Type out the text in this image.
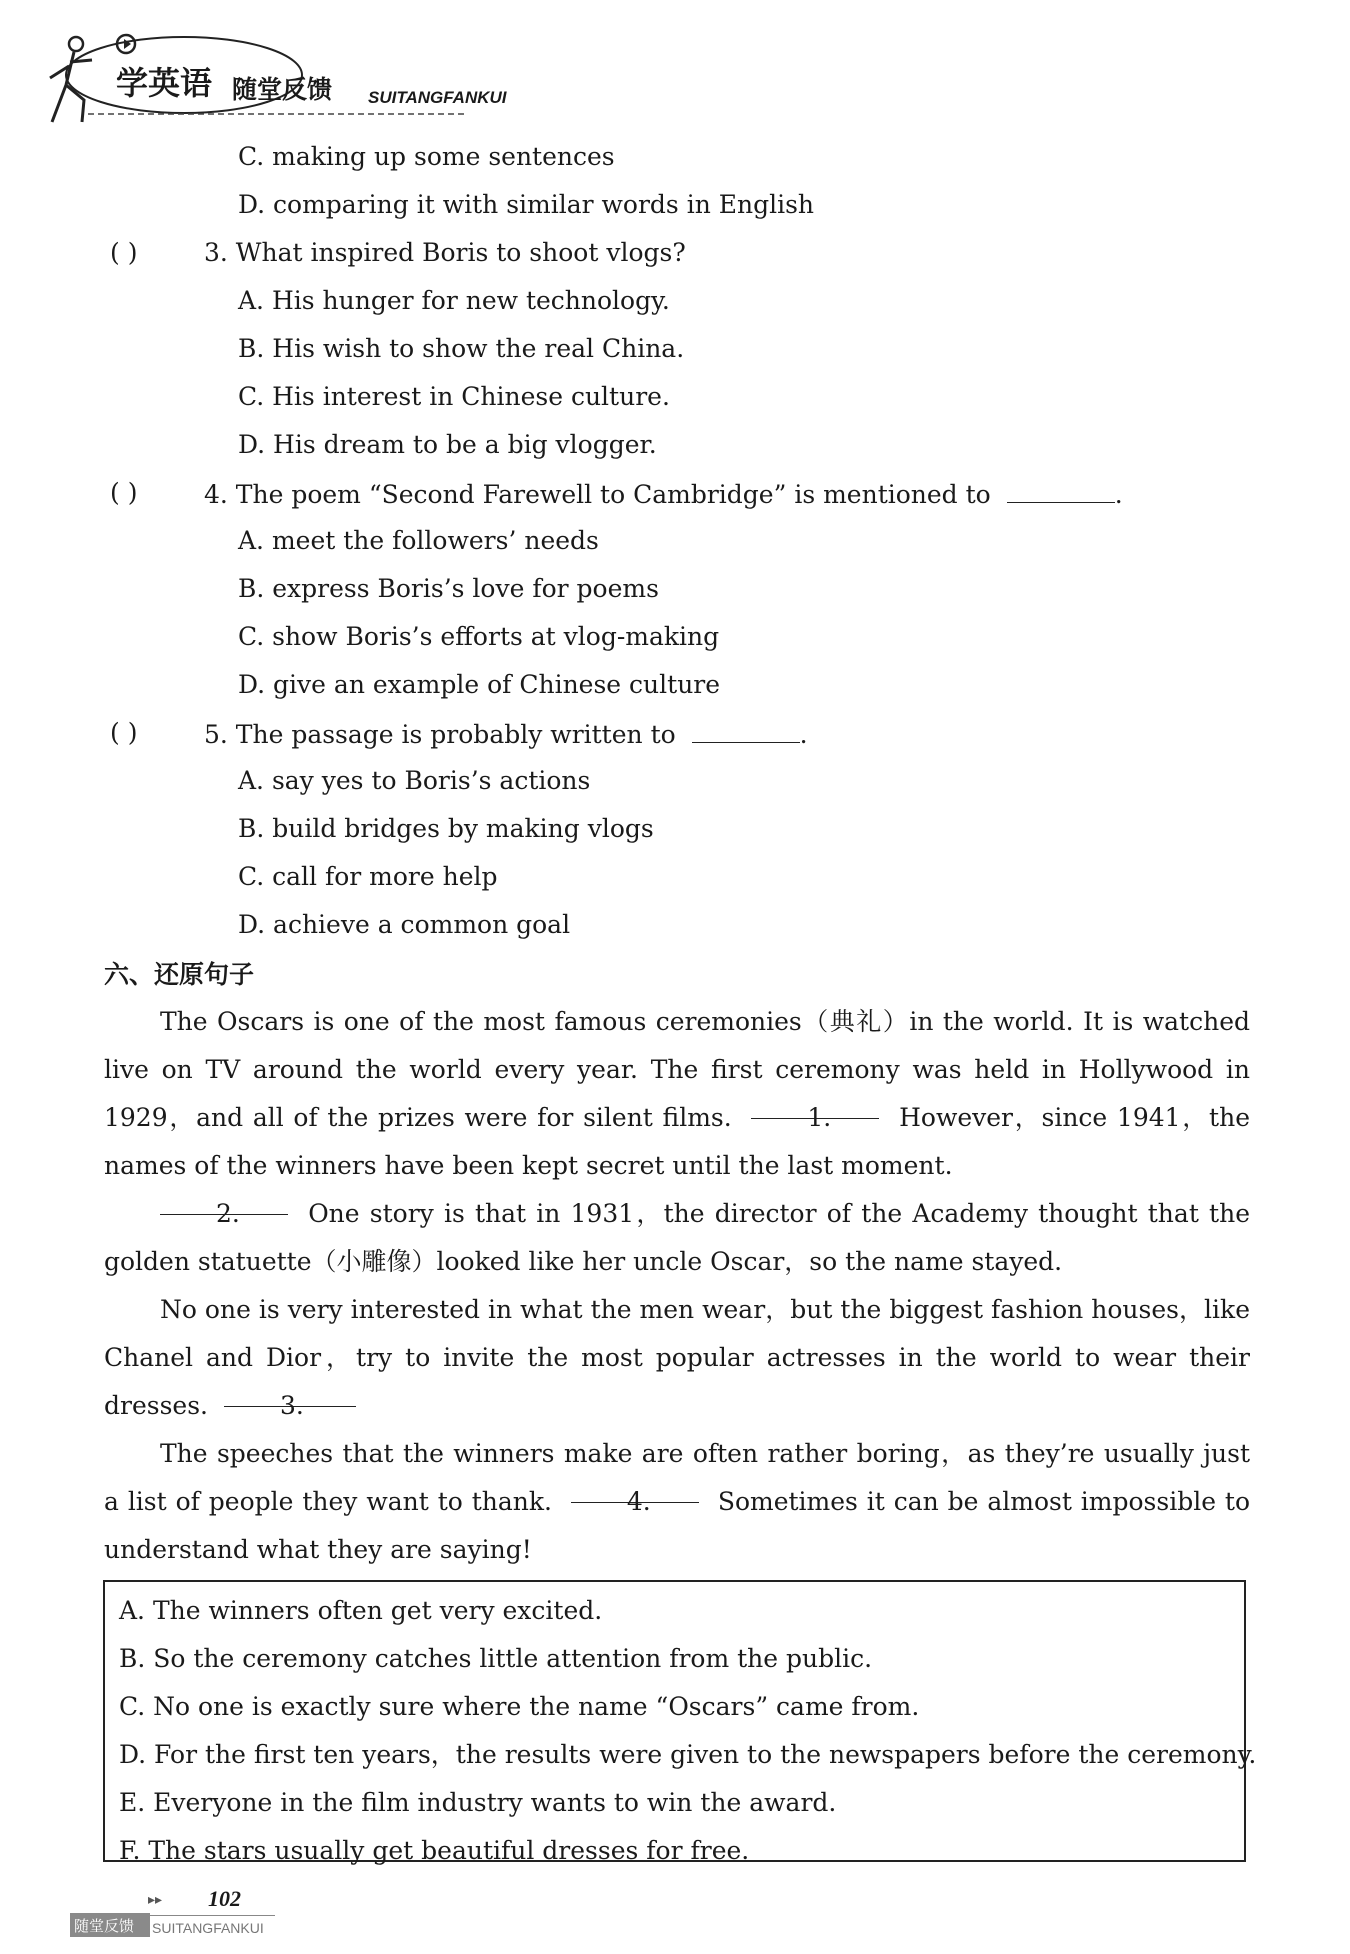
学英语 随堂反馈 SUITANGFANKUI
C. making up some sentences
D. comparing it with similar words in English
( )	3. What inspired Boris to shoot vlogs?
A. His hunger for new technology.
B. His wish to show the real China.
C. His interest in Chinese culture.
D. His dream to be a big vlogger.
( )	4. The poem “Second Farewell to Cambridge” is mentioned to	.
A. meet the followers’ needs
B. express Boris’s love for poems
C. show Boris’s efforts at vlog-making
D. give an example of Chinese culture
( )	5. The passage is probably written to	.
A. say yes to Boris’s actions
B. build bridges by making vlogs
C. call for more help
D. achieve a common goal
六、还原句子
The Oscars is one of the most famous ceremonies（典礼）in the world. It is watched live on TV around the world every year. The first ceremony was held in Hollywood in 1929，and all of the prizes were for silent films.	1.	However，since 1941，the names of the winners have been kept secret until the last moment.
2.	One story is that in 1931，the director of the Academy thought that the golden statuette（小雕像）looked like her uncle Oscar，so the name stayed.
No one is very interested in what the men wear，but the biggest fashion houses，like Chanel and Dior，try to invite the most popular actresses in the world to wear their dresses.	3.
The speeches that the winners make are often rather boring，as they’re usually just a list of people they want to thank.	4.	Sometimes it can be almost impossible to understand what they are saying!
A. The winners often get very excited.
B. So the ceremony catches little attention from the public.
C. No one is exactly sure where the name “Oscars” came from.
D. For the first ten years，the results were given to the newspapers before the ceremony.
E. Everyone in the film industry wants to win the award.
F. The stars usually get beautiful dresses for free.
▸▸ 102
随堂反馈 SUITANGFANKUI
